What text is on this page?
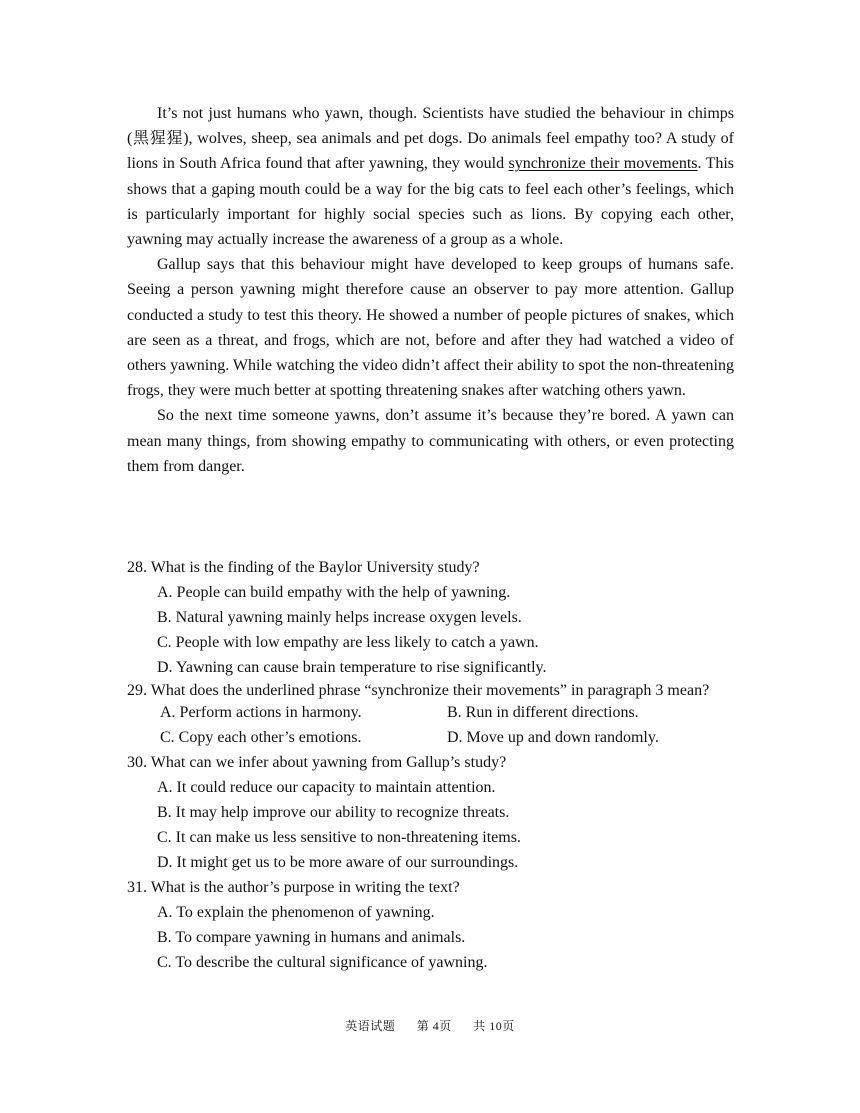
It’s not just humans who yawn, though. Scientists have studied the behaviour in chimps (黑猩猩), wolves, sheep, sea animals and pet dogs. Do animals feel empathy too? A study of lions in South Africa found that after yawning, they would synchronize their movements. This shows that a gaping mouth could be a way for the big cats to feel each other’s feelings, which is particularly important for highly social species such as lions. By copying each other, yawning may actually increase the awareness of a group as a whole.

Gallup says that this behaviour might have developed to keep groups of humans safe. Seeing a person yawning might therefore cause an observer to pay more attention. Gallup conducted a study to test this theory. He showed a number of people pictures of snakes, which are seen as a threat, and frogs, which are not, before and after they had watched a video of others yawning. While watching the video didn’t affect their ability to spot the non-threatening frogs, they were much better at spotting threatening snakes after watching others yawn.

So the next time someone yawns, don’t assume it’s because they’re bored. A yawn can mean many things, from showing empathy to communicating with others, or even protecting them from danger.

28. What is the finding of the Baylor University study?
A. People can build empathy with the help of yawning.
B. Natural yawning mainly helps increase oxygen levels.
C. People with low empathy are less likely to catch a yawn.
D. Yawning can cause brain temperature to rise significantly.
29. What does the underlined phrase “synchronize their movements” in paragraph 3 mean?
A. Perform actions in harmony.	B. Run in different directions.
C. Copy each other’s emotions.	D. Move up and down randomly.
30. What can we infer about yawning from Gallup’s study?
A. It could reduce our capacity to maintain attention.
B. It may help improve our ability to recognize threats.
C. It can make us less sensitive to non-threatening items.
D. It might get us to be more aware of our surroundings.
31. What is the author’s purpose in writing the text?
A. To explain the phenomenon of yawning.
B. To compare yawning in humans and animals.
C. To describe the cultural significance of yawning.
英语试题 第 4页 共 10页
